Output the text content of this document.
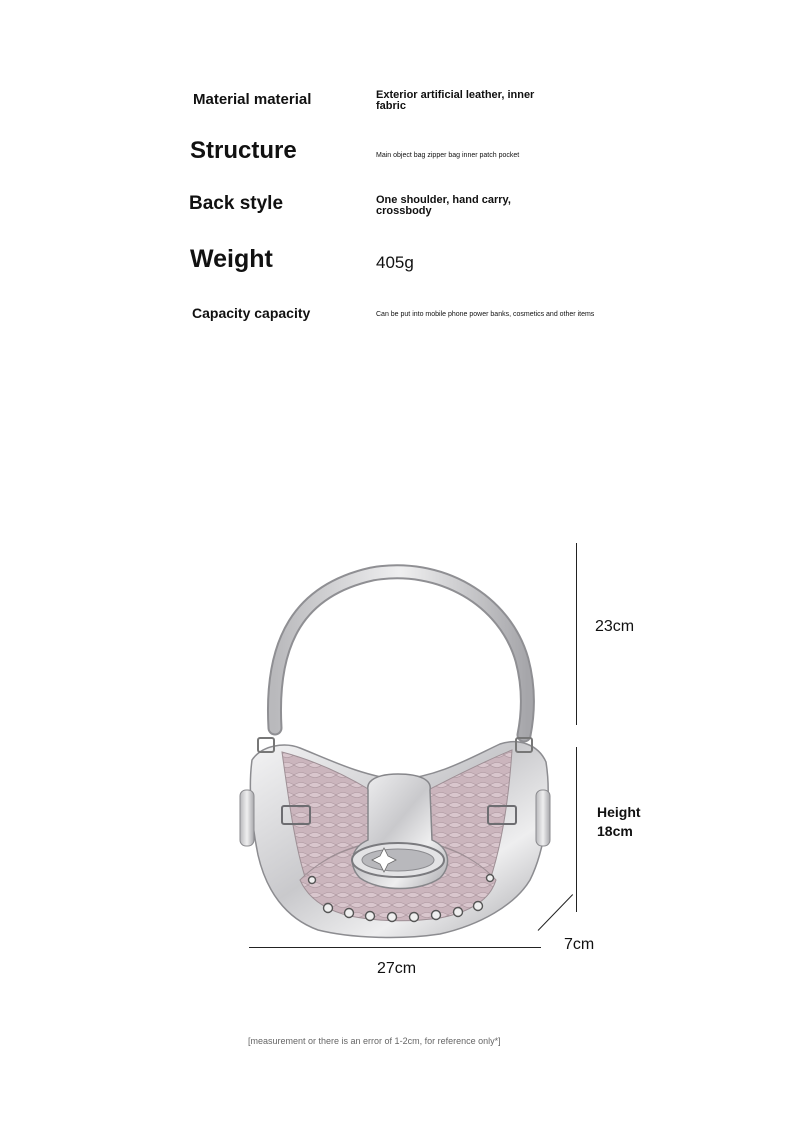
Material material	Exterior artificial leather, inner fabric
Structure	Main object bag zipper bag inner patch pocket
Back style	One shoulder, hand carry, crossbody
Weight	405g
Capacity capacity	Can be put into mobile phone power banks, cosmetics and other items
23cm
Height
18cm
7cm
27cm
[measurement or there is an error of 1-2cm, for reference only*]
